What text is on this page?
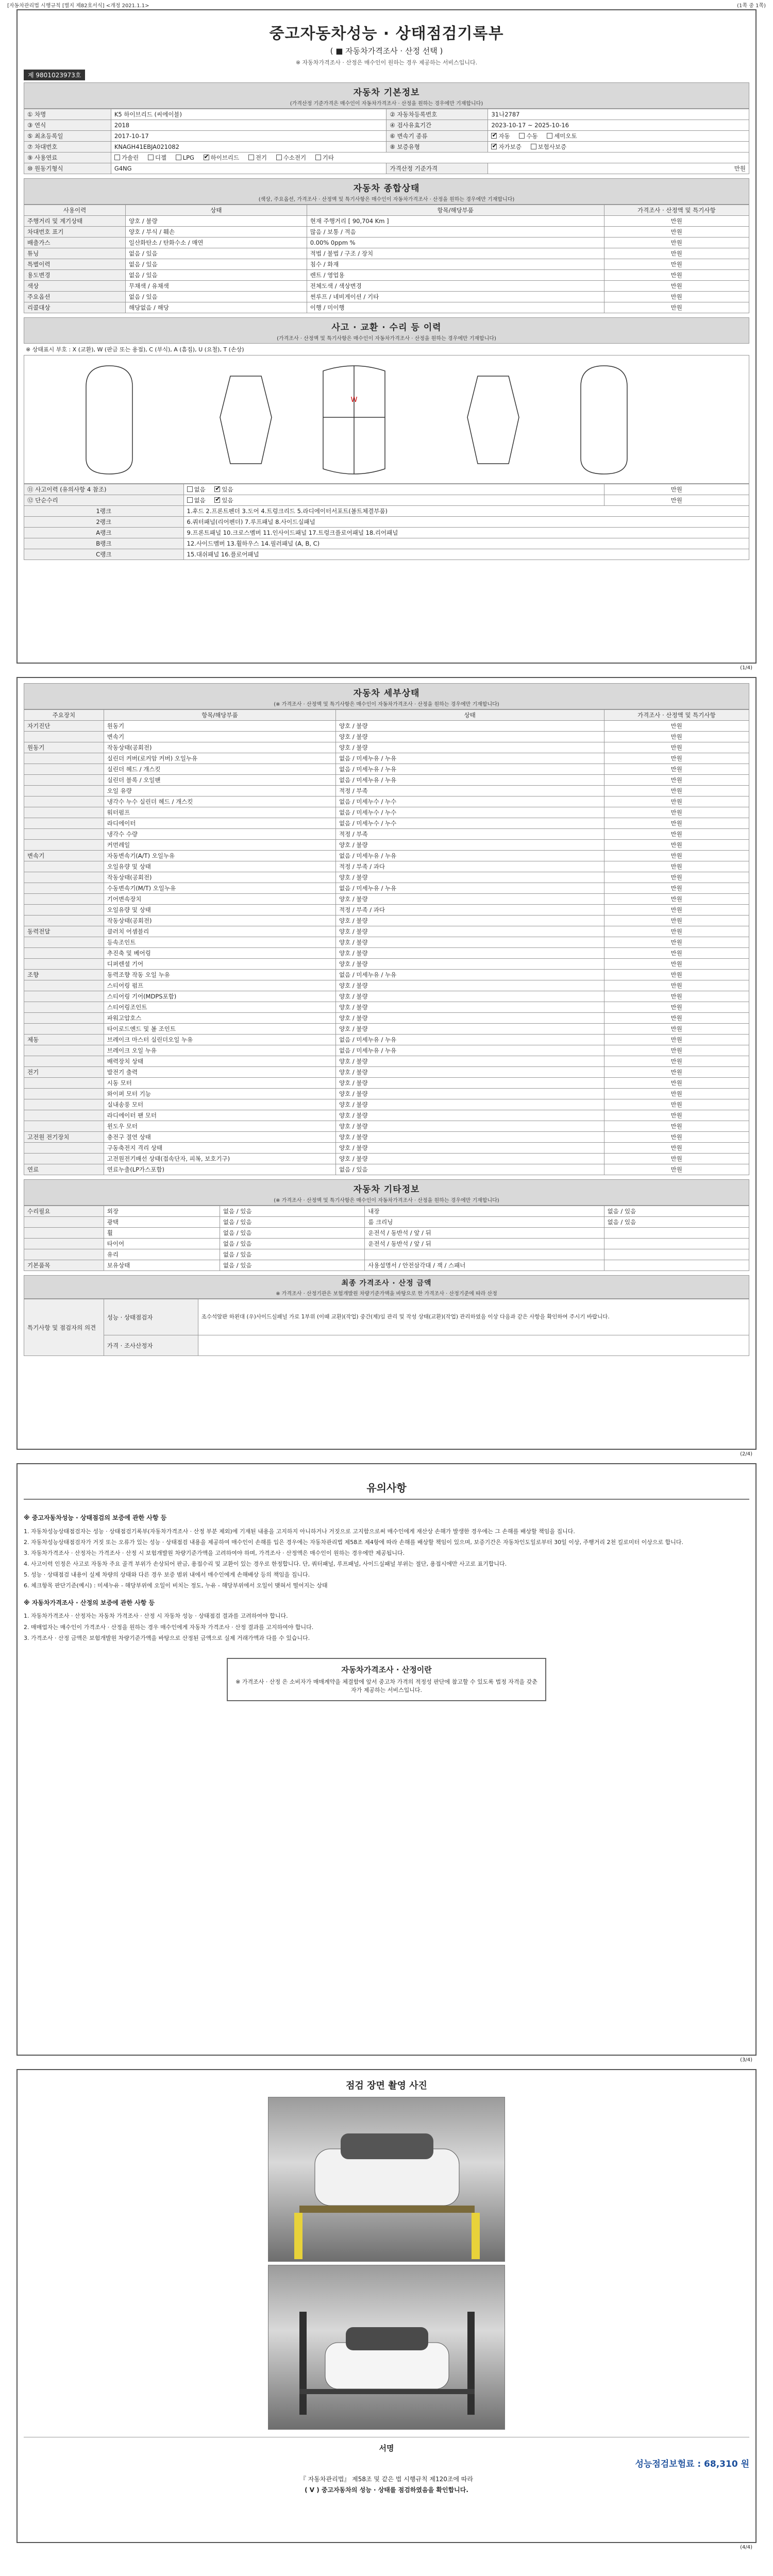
[자동차관리법 시행규칙 [별지 제82호서식] <개정 2021.1.1>	(1쪽 중 1쪽)
중고자동차성능 · 상태점검기록부
( ■ 자동차가격조사 · 산정 선택 )
※ 자동차가격조사 · 산정은 매수인이 원하는 경우 제공하는 서비스입니다.
제 9801023973호
자동차 기본정보
(가격산정 기준가격은 매수인이 자동차가격조사 · 산정을 원하는 경우에만 기재합니다)
① 차명	K5 하이브리드 (씨에이블)	② 자동차등록번호	31나2787
③ 연식	2018	④ 검사유효기간	2023-10-17 ~ 2025-10-16
⑤ 최초등록일	2017-10-17	⑥ 변속기 종류	✔자동 수동 세미오토
⑦ 차대번호	KNAGH41EBJA021082	⑧ 보증유형	✔자가보증 보험사보증
⑨ 사용연료	가솔린 디젤 LPG ✔ 하이브리드 전기 수소전기 기타
⑩ 원동기형식	G4NG	가격산정 기준가격	만원
자동차 종합상태
(색상, 주요옵션, 가격조사 · 산정액 및 특기사항은 매수인이 자동차가격조사 · 산정을 원하는 경우에만 기재합니다)
사용이력	상태	항목/해당부품	가격조사 · 산정액 및 특기사항
주행거리 및 계기상태	양호 / 불량	현재 주행거리 [ 90,704 Km ]	만원
차대번호 표기	양호 / 부식 / 훼손	많음 / 보통 / 적음	만원
배출가스	일산화탄소 / 탄화수소 / 매연	0.00% 0ppm %	만원
튜닝	없음 / 있음	적법 / 불법 / 구조 / 장치	만원
특별이력	없음 / 있음	침수 / 화재	만원
용도변경	없음 / 있음	렌트 / 영업용	만원
색상	무채색 / 유채색	전체도색 / 색상변경	만원
주요옵션	없음 / 있음	썬루프 / 네비게이션 / 기타	만원
리콜대상	해당없음 / 해당	이행 / 미이행	만원
사고 · 교환 · 수리 등 이력
(가격조사 · 산정액 및 특기사항은 매수인이 자동차가격조사 · 산정을 원하는 경우에만 기재합니다)
※ 상태표시 부호 : X (교환), W (판금 또는 용접), C (부식), A (흠집), U (요철), T (손상)
W
⑪ 사고이력 (유의사항 4 참조)	없음 ✔ 있음	만원
⑫ 단순수리	없음 ✔ 있음	만원
1랭크	1.후드 2.프론트펜더 3.도어 4.트렁크리드 5.라디에이터서포트(볼트체결부품)	
2랭크	6.쿼터패널(리어펜더) 7.루프패널 8.사이드실패널	
A랭크	9.프론트패널 10.크로스멤버 11.인사이드패널 17.트렁크플로어패널 18.리어패널	
B랭크	12.사이드멤버 13.휠하우스 14.필러패널 (A, B, C)	
C랭크	15.대쉬패널 16.플로어패널	
(1/4)
자동차 세부상태
(※ 가격조사 · 산정액 및 특기사항은 매수인이 자동차가격조사 · 산정을 원하는 경우에만 기재합니다)
주요장치	항목/해당부품	상태	가격조사 · 산정액 및 특기사항
자기진단	원동기	양호 / 불량	만원
	변속기	양호 / 불량	만원
원동기	작동상태(공회전)	양호 / 불량	만원
	실린더 커버(로커암 커버) 오일누유	없음 / 미세누유 / 누유	만원
	실린더 헤드 / 개스킷	없음 / 미세누유 / 누유	만원
	실린더 블록 / 오일팬	없음 / 미세누유 / 누유	만원
	오일 유량	적정 / 부족	만원
	냉각수 누수 실린더 헤드 / 개스킷	없음 / 미세누수 / 누수	만원
	워터펌프	없음 / 미세누수 / 누수	만원
	라디에이터	없음 / 미세누수 / 누수	만원
	냉각수 수량	적정 / 부족	만원
	커먼레일	양호 / 불량	만원
변속기	자동변속기(A/T) 오일누유	없음 / 미세누유 / 누유	만원
	오일유량 및 상태	적정 / 부족 / 과다	만원
	작동상태(공회전)	양호 / 불량	만원
	수동변속기(M/T) 오일누유	없음 / 미세누유 / 누유	만원
	기어변속장치	양호 / 불량	만원
	오일유량 및 상태	적정 / 부족 / 과다	만원
	작동상태(공회전)	양호 / 불량	만원
동력전달	클러치 어셈블리	양호 / 불량	만원
	등속조인트	양호 / 불량	만원
	추진축 및 베어링	양호 / 불량	만원
	디퍼렌셜 기어	양호 / 불량	만원
조향	동력조향 작동 오일 누유	없음 / 미세누유 / 누유	만원
	스티어링 펌프	양호 / 불량	만원
	스티어링 기어(MDPS포함)	양호 / 불량	만원
	스티어링조인트	양호 / 불량	만원
	파워고압호스	양호 / 불량	만원
	타이로드엔드 및 볼 조인트	양호 / 불량	만원
제동	브레이크 마스터 실린더오일 누유	없음 / 미세누유 / 누유	만원
	브레이크 오일 누유	없음 / 미세누유 / 누유	만원
	배력장치 상태	양호 / 불량	만원
전기	발전기 출력	양호 / 불량	만원
	시동 모터	양호 / 불량	만원
	와이퍼 모터 기능	양호 / 불량	만원
	실내송풍 모터	양호 / 불량	만원
	라디에이터 팬 모터	양호 / 불량	만원
	윈도우 모터	양호 / 불량	만원
고전원 전기장치	충전구 절연 상태	양호 / 불량	만원
	구동축전지 격리 상태	양호 / 불량	만원
	고전원전기배선 상태(접속단자, 피복, 보호기구)	양호 / 불량	만원
연료	연료누출(LP가스포함)	없음 / 있음	만원
자동차 기타정보
(※ 가격조사 · 산정액 및 특기사항은 매수인이 자동차가격조사 · 산정을 원하는 경우에만 기재합니다)
수리필요	외장	없음 / 있음	내장	없음 / 있음
	광택	없음 / 있음	룸 크리닝	없음 / 있음
	휠	없음 / 있음	운전석 / 동반석 / 앞 / 뒤	
	타이어	없음 / 있음	운전석 / 동반석 / 앞 / 뒤	
	유리	없음 / 있음		
기본품목	보유상태	없음 / 있음	사용설명서 / 안전삼각대 / 잭 / 스패너	
최종 가격조사 · 산정 금액
※ 가격조사 · 산정기관은 보험개발원 차량기준가액을 바탕으로 한 가격조사 · 산정기준에 따라 산정
특기사항 및 점검자의 의견	성능 · 상태점검자	조수석앞판 하왼대 (우)사이드실패널 가로 1부위 (이때 교환)(작업) 중간(제)임 관리 및 작성 상태(교환)(작업) 관리하였음 이상 다음과 같은 사항을 확인하여 주시기 바랍니다.
	가격 · 조사산정자	
(2/4)
유의사항

※ 중고자동차성능 · 상태점검의 보증에 관한 사항 등

1. 자동차성능상태점검자는 성능 · 상태점검기록부(자동차가격조사 · 산정 부분 제외)에 기재된 내용을 고지하지 아니하거나 거짓으로 고지함으로써 매수인에게 재산상 손해가 발생한 경우에는 그 손해를 배상할 책임을 집니다.

2. 자동차성능상태점검자가 거짓 또는 오류가 있는 성능 · 상태점검 내용을 제공하여 매수인이 손해를 입은 경우에는 자동차관리법 제58조 제4항에 따라 손해를 배상할 책임이 있으며, 보증기간은 자동차인도일로부터 30일 이상, 주행거리 2천 킬로미터 이상으로 합니다.

3. 자동차가격조사 · 산정자는 가격조사 · 산정 시 보험개발원 차량기준가액을 고려하여야 하며, 가격조사 · 산정액은 매수인이 원하는 경우에만 제공됩니다.

4. 사고이력 인정은 사고로 자동차 주요 골격 부위가 손상되어 판금, 용접수리 및 교환이 있는 경우로 한정합니다. 단, 쿼터패널, 루프패널, 사이드실패널 부위는 절단, 용접시에만 사고로 표기합니다.

5. 성능 · 상태점검 내용이 실제 차량의 상태와 다른 경우 보증 범위 내에서 매수인에게 손해배상 등의 책임을 집니다.

6. 체크항목 판단기준(예시) : 미세누유 - 해당부위에 오일이 비치는 정도, 누유 - 해당부위에서 오일이 맺혀서 떨어지는 상태

※ 자동차가격조사 · 산정의 보증에 관한 사항 등

1. 자동차가격조사 · 산정자는 자동차 가격조사 · 산정 시 자동차 성능 · 상태점검 결과를 고려하여야 합니다.

2. 매매업자는 매수인이 가격조사 · 산정을 원하는 경우 매수인에게 자동차 가격조사 · 산정 결과를 고지하여야 합니다.

3. 가격조사 · 산정 금액은 보험개발원 차량기준가액을 바탕으로 산정된 금액으로 실제 거래가액과 다를 수 있습니다.

자동차가격조사 · 산정이란
※ 가격조사 · 산정 은 소비자가 매매계약을 체결함에 앞서 중고차 가격의 적정성 판단에 참고할 수 있도록 법정 자격을 갖춘 자가 제공하는 서비스입니다.
(3/4)
점검 장면 촬영 사진
서명
성능점검보험료 : 68,310 원
『 자동차관리법』 제58조 및 같은 법 시행규칙 제120조에 따라
( V ) 중고자동차의 성능 · 상태를 점검하였음을 확인합니다.
(4/4)
